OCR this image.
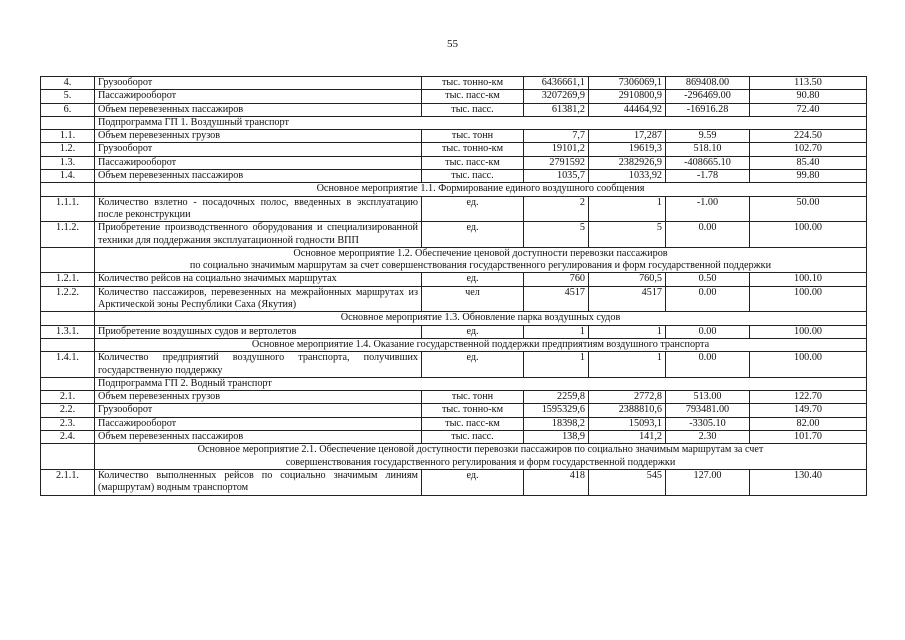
55
4.	Грузооборот	тыс. тонно-км	6436661,1	7306069,1	869408.00	113.50
5.	Пассажирооборот	тыс. пасс-км	3207269,9	2910800,9	-296469.00	90.80
6.	Объем перевезенных пассажиров	тыс. пасс.	61381,2	44464,92	-16916.28	72.40
	Подпрограмма ГП 1. Воздушный транспорт					
1.1.	Объем перевезенных грузов	тыс. тонн	7,7	17,287	9.59	224.50
1.2.	Грузооборот	тыс. тонно-км	19101,2	19619,3	518.10	102.70
1.3.	Пассажирооборот	тыс. пасс-км	2791592	2382926,9	-408665.10	85.40
1.4.	Объем перевезенных пассажиров	тыс. пасс.	1035,7	1033,92	-1.78	99.80

	Основное мероприятие 1.1. Формирование единого воздушного сообщения					

1.1.1.	Количество взлетно - посадочных полос, введенных в эксплуатацию после реконструкции	ед.	2	1	-1.00	50.00
1.1.2.	Приобретение производственного оборудования и специализированной техники для поддержания эксплуатационной годности ВПП	ед.	5	5	0.00	100.00

	Основное мероприятие 1.2. Обеспечение ценовой доступности перевозки пассажиров
по социально значимым маршрутам за счет совершенствования государственного регулирования и форм государственной поддержки					

1.2.1.	Количество рейсов на социально значимых маршрутах	ед.	760	760,5	0.50	100.10
1.2.2.	Количество пассажиров, перевезенных на межрайонных маршрутах из Арктической зоны Республики Саха (Якутия)	чел	4517	4517	0.00	100.00

	Основное мероприятие 1.3. Обновление парка воздушных судов					

1.3.1.	Приобретение воздушных судов и вертолетов	ед.	1	1	0.00	100.00

	Основное мероприятие 1.4. Оказание государственной поддержки предприятиям воздушного транспорта					

1.4.1.	Количество предприятий воздушного транспорта, получивших государственную поддержку	ед.	1	1	0.00	100.00
	Подпрограмма ГП 2. Водный транспорт					
2.1.	Объем перевезенных грузов	тыс. тонн	2259,8	2772,8	513.00	122.70
2.2.	Грузооборот	тыс. тонно-км	1595329,6	2388810,6	793481.00	149.70
2.3.	Пассажирооборот	тыс. пасс-км	18398,2	15093,1	-3305.10	82.00
2.4.	Объем перевезенных пассажиров	тыс. пасс.	138,9	141,2	2.30	101.70

	Основное мероприятие 2.1. Обеспечение ценовой доступности перевозки пассажиров по социально значимым маршрутам за счет
совершенствования государственного регулирования и форм государственной поддержки					

2.1.1.	Количество выполненных рейсов по социально значимым линиям (маршрутам) водным транспортом	ед.	418	545	127.00	130.40
